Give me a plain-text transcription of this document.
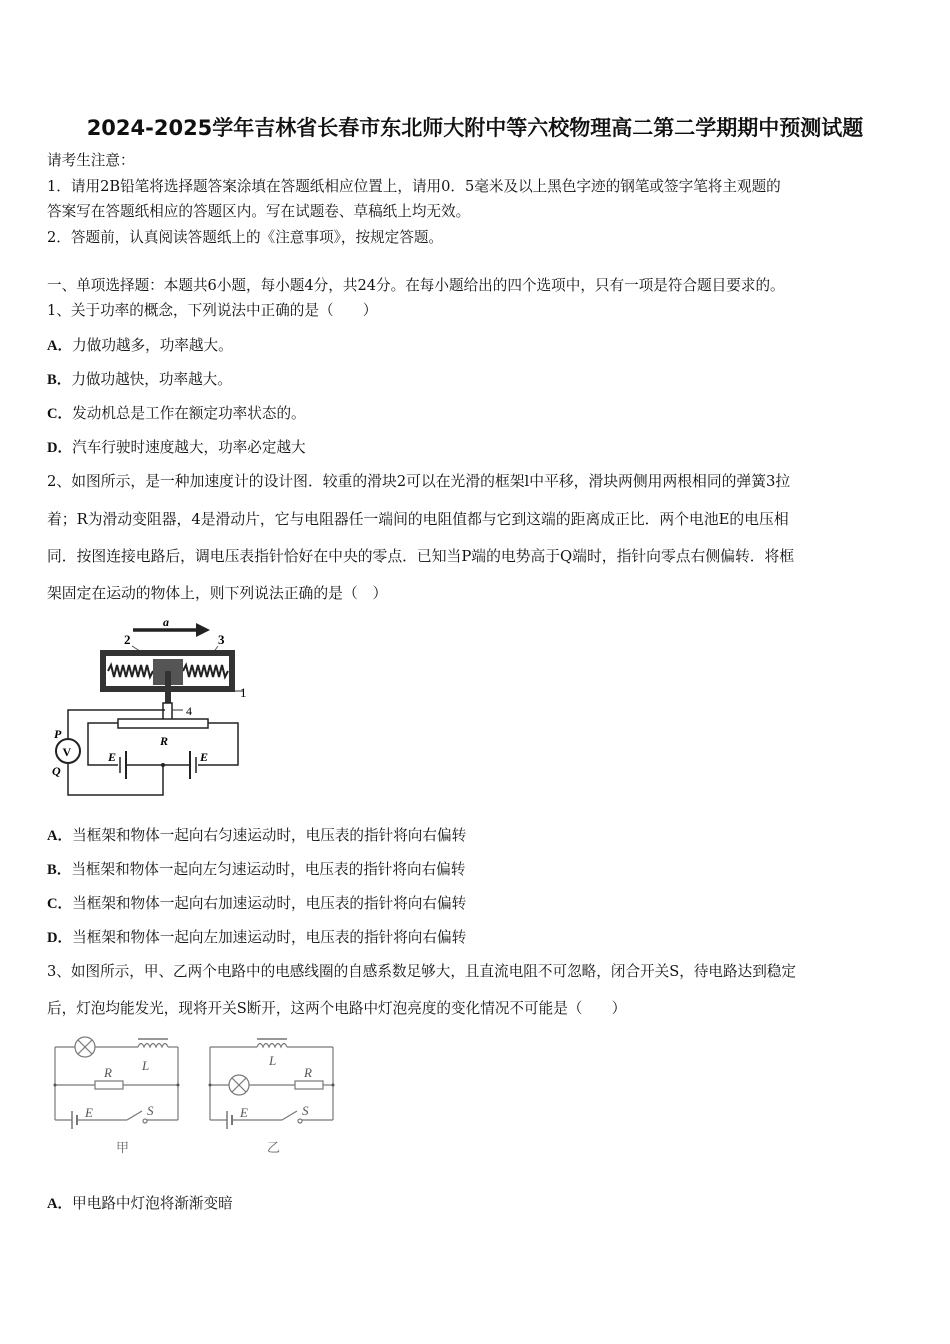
2024-2025学年吉林省长春市东北师大附中等六校物理高二第二学期期中预测试题
请考生注意：
1．请用2B铅笔将选择题答案涂填在答题纸相应位置上，请用0．5毫米及以上黑色字迹的钢笔或签字笔将主观题的
答案写在答题纸相应的答题区内。写在试题卷、草稿纸上均无效。
2．答题前，认真阅读答题纸上的《注意事项》，按规定答题。
一、单项选择题：本题共6小题，每小题4分，共24分。在每小题给出的四个选项中，只有一项是符合题目要求的。
1、关于功率的概念，下列说法中正确的是（　　）
A．力做功越多，功率越大。
B．力做功越快，功率越大。
C．发动机总是工作在额定功率状态的。
D．汽车行驶时速度越大，功率必定越大
2、如图所示，是一种加速度计的设计图．较重的滑块2可以在光滑的框架l中平移，滑块两侧用两根相同的弹簧3拉
着；R为滑动变阻器，4是滑动片，它与电阻器任一端间的电阻值都与它到这端的距离成正比．两个电池E的电压相
同．按图连接电路后，调电压表指针恰好在中央的零点．已知当P端的电势高于Q端时，指针向零点右侧偏转．将框
架固定在运动的物体上，则下列说法正确的是（　）
a
2	3
1
4
R
E	E
V
P
Q
A．当框架和物体一起向右匀速运动时，电压表的指针将向右偏转
B．当框架和物体一起向左匀速运动时，电压表的指针将向右偏转
C．当框架和物体一起向右加速运动时，电压表的指针将向右偏转
D．当框架和物体一起向左加速运动时，电压表的指针将向右偏转
3、如图所示，甲、乙两个电路中的电感线圈的自感系数足够大，且直流电阻不可忽略，闭合开关S，待电路达到稳定
后，灯泡均能发光，现将开关S断开，这两个电路中灯泡亮度的变化情况不可能是（　　）
L
R
E	S
甲
L
R
E	S
乙
A．甲电路中灯泡将渐渐变暗
